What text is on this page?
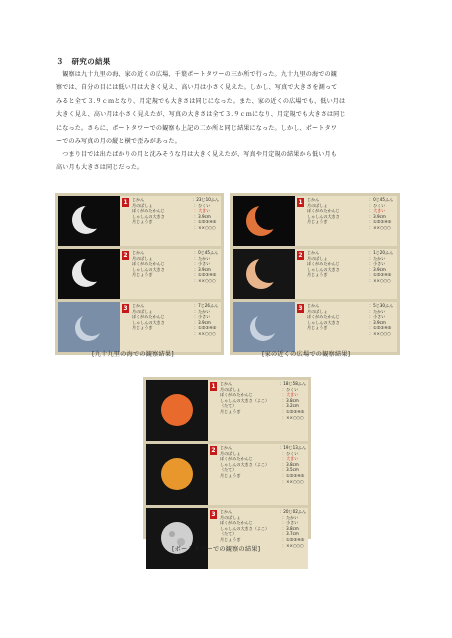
３　研究の結果
　観察は九十九里の海、家の近くの広場、千葉ポートタワーの三か所で行った。九十九里の海での観
察では、自分の目には低い月は大きく見え、高い月は小さく見えた。しかし、写真で大きさを測って
みると全て３.９ｃｍとなり、月定規でも大きさは同じになった。また、家の近くの広場でも、低い月は
大きく見え、高い月は小さく見えたが、写真の大きさは全て３.９ｃｍになり、月定規でも大きさは同じ
になった。さらに、ポートタワーでの観察も上記の二か所と同じ結果になった。しかし、ポートタワ
ーでのみ写真の月の縦と横で歪みがあった。
　つまり目では出たばかりの月と沈みそうな月は大きく見えたが、写真や月定規の結果から低い月も
高い月も大きさは同じだった。
1	じかん	：23じ10ふん
月のばしょ	：ひくい
ぼくがみたかんじ	：大きい
しゃしんの大きさ	：3.9cm
月じょうぎ	：①②③④⑤
：××○○○
2	じかん	：0じ45ふん
月のばしょ	：たかい
ぼくがみたかんじ	：小さい
しゃしんの大きさ	：3.9cm
月じょうぎ	：①②③④⑤
：××○○○
3	じかん	：7じ26ふん
月のばしょ	：たかい
ぼくがみたかんじ	：小さい
しゃしんの大きさ	：3.9cm
月じょうぎ	：①②③④⑤
：××○○○
[九十九里の海での観察結果]
1	じかん	：0じ45ふん
月のばしょ	：ひくい
ぼくがみたかんじ	：大きい
しゃしんの大きさ	：3.9cm
月じょうぎ	：①②③④⑤
：××○○○
2	じかん	：1じ20ふん
月のばしょ	：たかい
ぼくがみたかんじ	：小さい
しゃしんの大きさ	：3.9cm
月じょうぎ	：①②③④⑤
：××○○○
3	じかん	：5じ30ふん
月のばしょ	：たかい
ぼくがみたかんじ	：小さい
しゃしんの大きさ	：3.9cm
月じょうぎ	：①②③④⑤
：××○○○
[家の近くの広場での観察結果]
1	じかん	：18じ58ふん
月のばしょ	：ひくい
ぼくがみたかんじ	：大きい
しゃしんの大きさ（よこ）	：3.8cm
（たて）	：3.2cm
月じょうぎ	：①②③④⑤
：××○○○
2	じかん	：19じ13ふん
月のばしょ	：ひくい
ぼくがみたかんじ	：大きい
しゃしんの大きさ（よこ）	：3.8cm
（たて）	：3.5cm
月じょうぎ	：①②③④⑤
：××○○○
3	じかん	：20じ02ふん
月のばしょ	：たかい
ぼくがみたかんじ	：小さい
しゃしんの大きさ（よこ）	：3.8cm
（たて）	：3.7cm
月じょうぎ	：①②③④⑤
：××○○○
[ポートタワーでの観察の結果]
